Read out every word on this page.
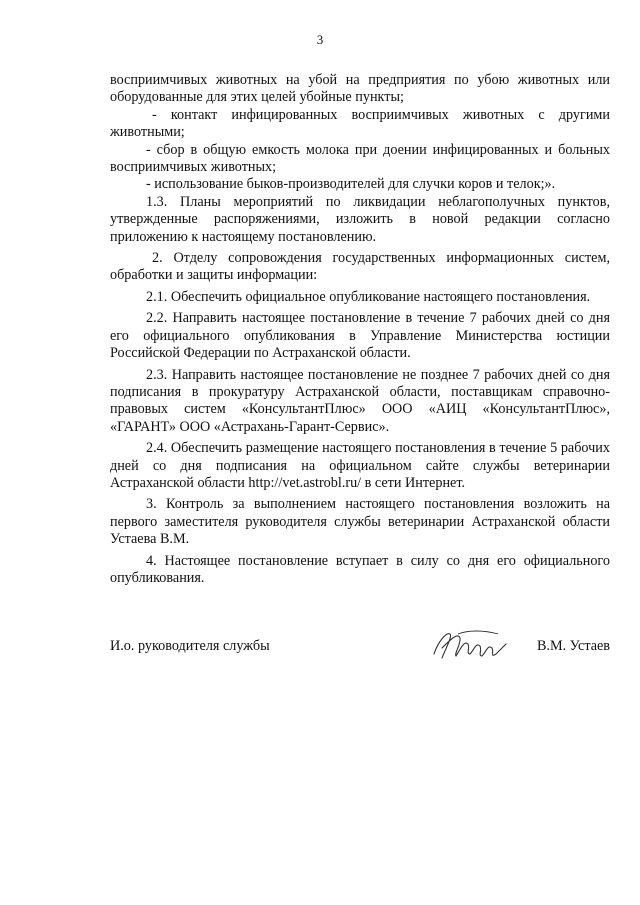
3

восприимчивых животных на убой на предприятия по убою животных или оборудованные для этих целей убойные пункты;

- контакт инфицированных восприимчивых животных с другими животными;

- сбор в общую емкость молока при доении инфицированных и больных восприимчивых животных;

- использование быков-производителей для случки коров и телок;».

1.3. Планы мероприятий по ликвидации неблагополучных пунктов, утвержденные распоряжениями, изложить в новой редакции согласно приложению к настоящему постановлению.

2. Отделу сопровождения государственных информационных систем, обработки и защиты информации:

2.1. Обеспечить официальное опубликование настоящего постановления.

2.2. Направить настоящее постановление в течение 7 рабочих дней со дня его официального опубликования в Управление Министерства юстиции Российской Федерации по Астраханской области.

2.3. Направить настоящее постановление не позднее 7 рабочих дней со дня подписания в прокуратуру Астраханской области, поставщикам справочно-правовых систем «КонсультантПлюс» ООО «АИЦ «КонсультантПлюс», «ГАРАНТ» ООО «Астрахань-Гарант-Сервис».

2.4. Обеспечить размещение настоящего постановления в течение 5 рабочих дней со дня подписания на официальном сайте службы ветеринарии Астраханской области http://vet.astrobl.ru/ в сети Интернет.

3. Контроль за выполнением настоящего постановления возложить на первого заместителя руководителя службы ветеринарии Астраханской области Устаева В.М.

4. Настоящее постановление вступает в силу со дня его официального опубликования.

И.о. руководителя службы	В.М. Устаев
